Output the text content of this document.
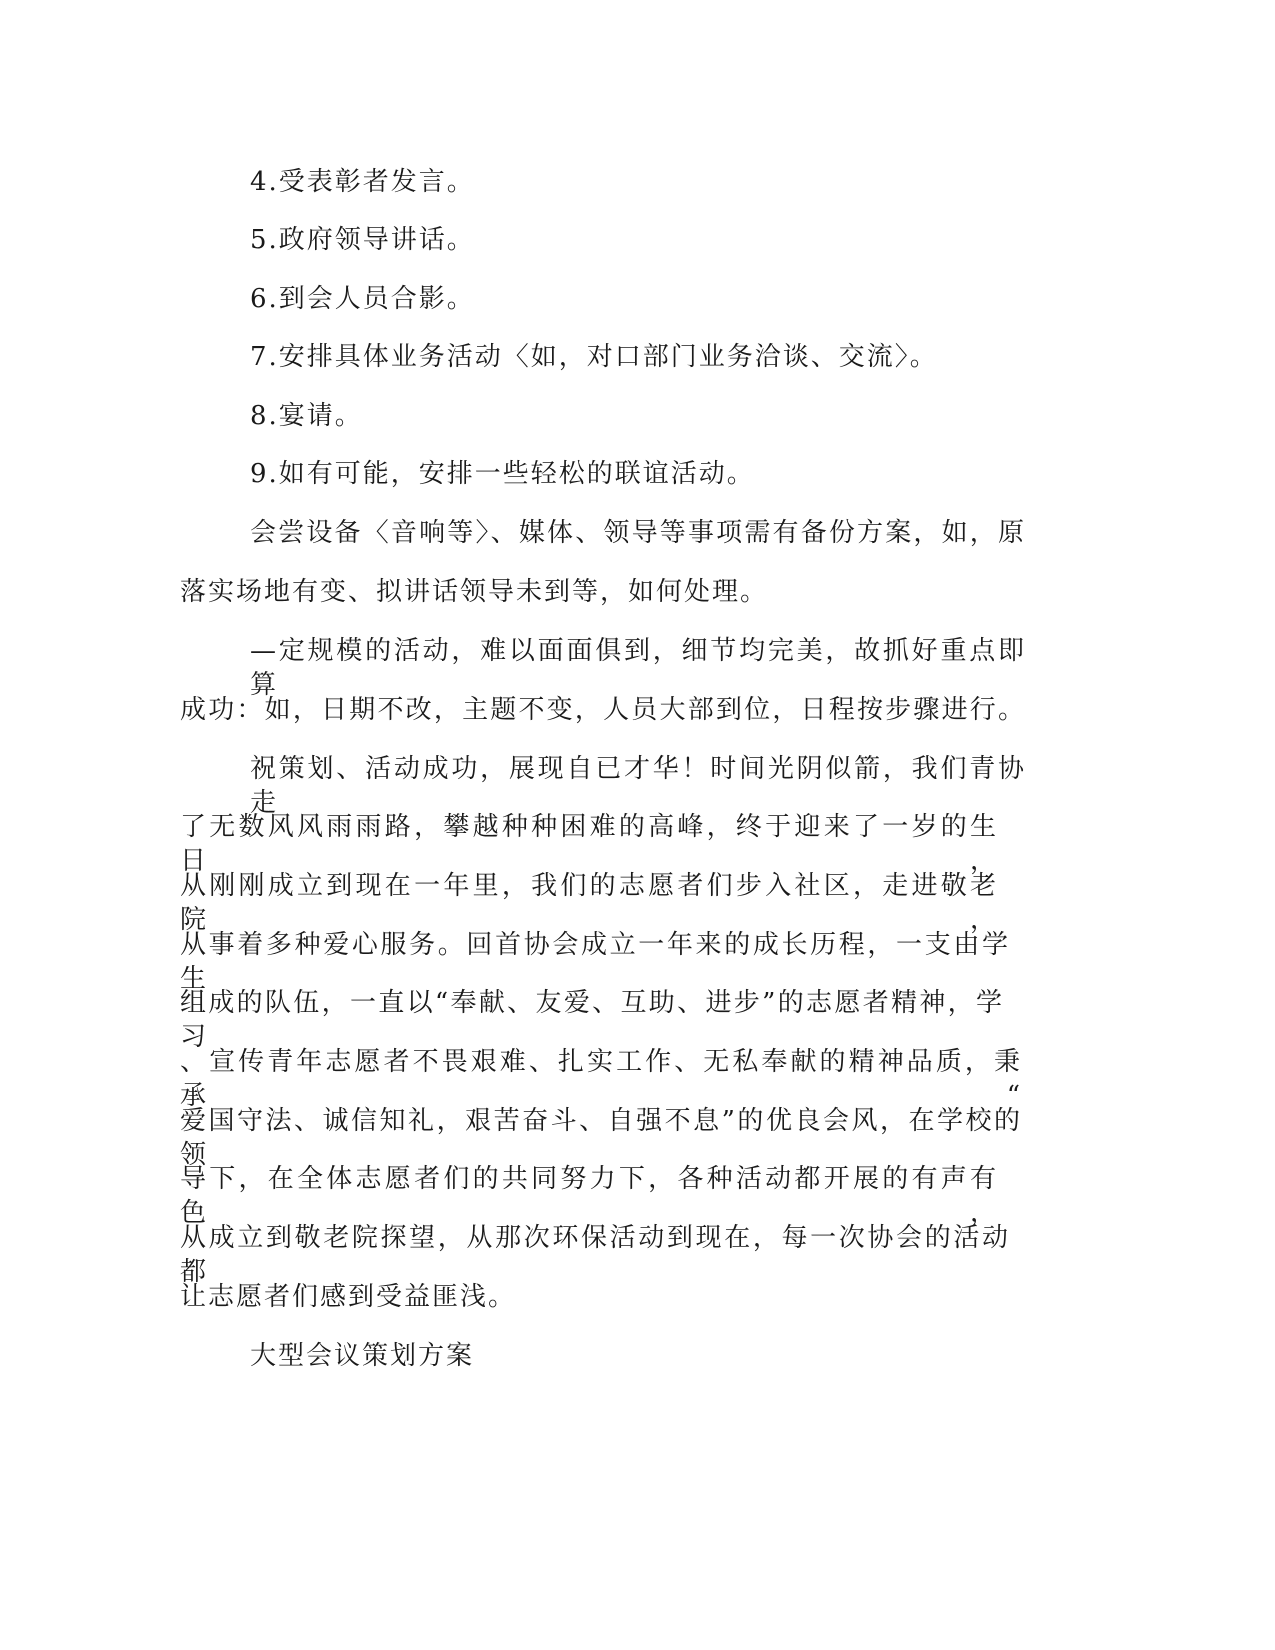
4.受表彰者发言。
5.政府领导讲话。
6.到会人员合影。
7.安排具体业务活动〈如，对口部门业务洽谈、交流〉。
8.宴请。
9.如有可能，安排一些轻松的联谊活动。
会尝设备〈音响等〉、媒体、领导等事项需有备份方案，如，原
落实场地有变、拟讲话领导未到等，如何处理。
—定规模的活动，难以面面俱到，细节均完美，故抓好重点即算
成功：如，日期不改，主题不变，人员大部到位，日程按步骤进行。
祝策划、活动成功，展现自已才华！时间光阴似箭，我们青协走
了无数风风雨雨路，攀越种种困难的高峰，终于迎来了一岁的生日，
从刚刚成立到现在一年里，我们的志愿者们步入社区，走进敬老院，
从事着多种爱心服务。回首协会成立一年来的成长历程，一支由学生
组成的队伍，一直以“奉献、友爱、互助、进步”的志愿者精神，学习
、宣传青年志愿者不畏艰难、扎实工作、无私奉献的精神品质，秉承“
爱国守法、诚信知礼，艰苦奋斗、自强不息”的优良会风，在学校的领
导下，在全体志愿者们的共同努力下，各种活动都开展的有声有色，
从成立到敬老院探望，从那次环保活动到现在，每一次协会的活动都
让志愿者们感到受益匪浅。
大型会议策划方案
